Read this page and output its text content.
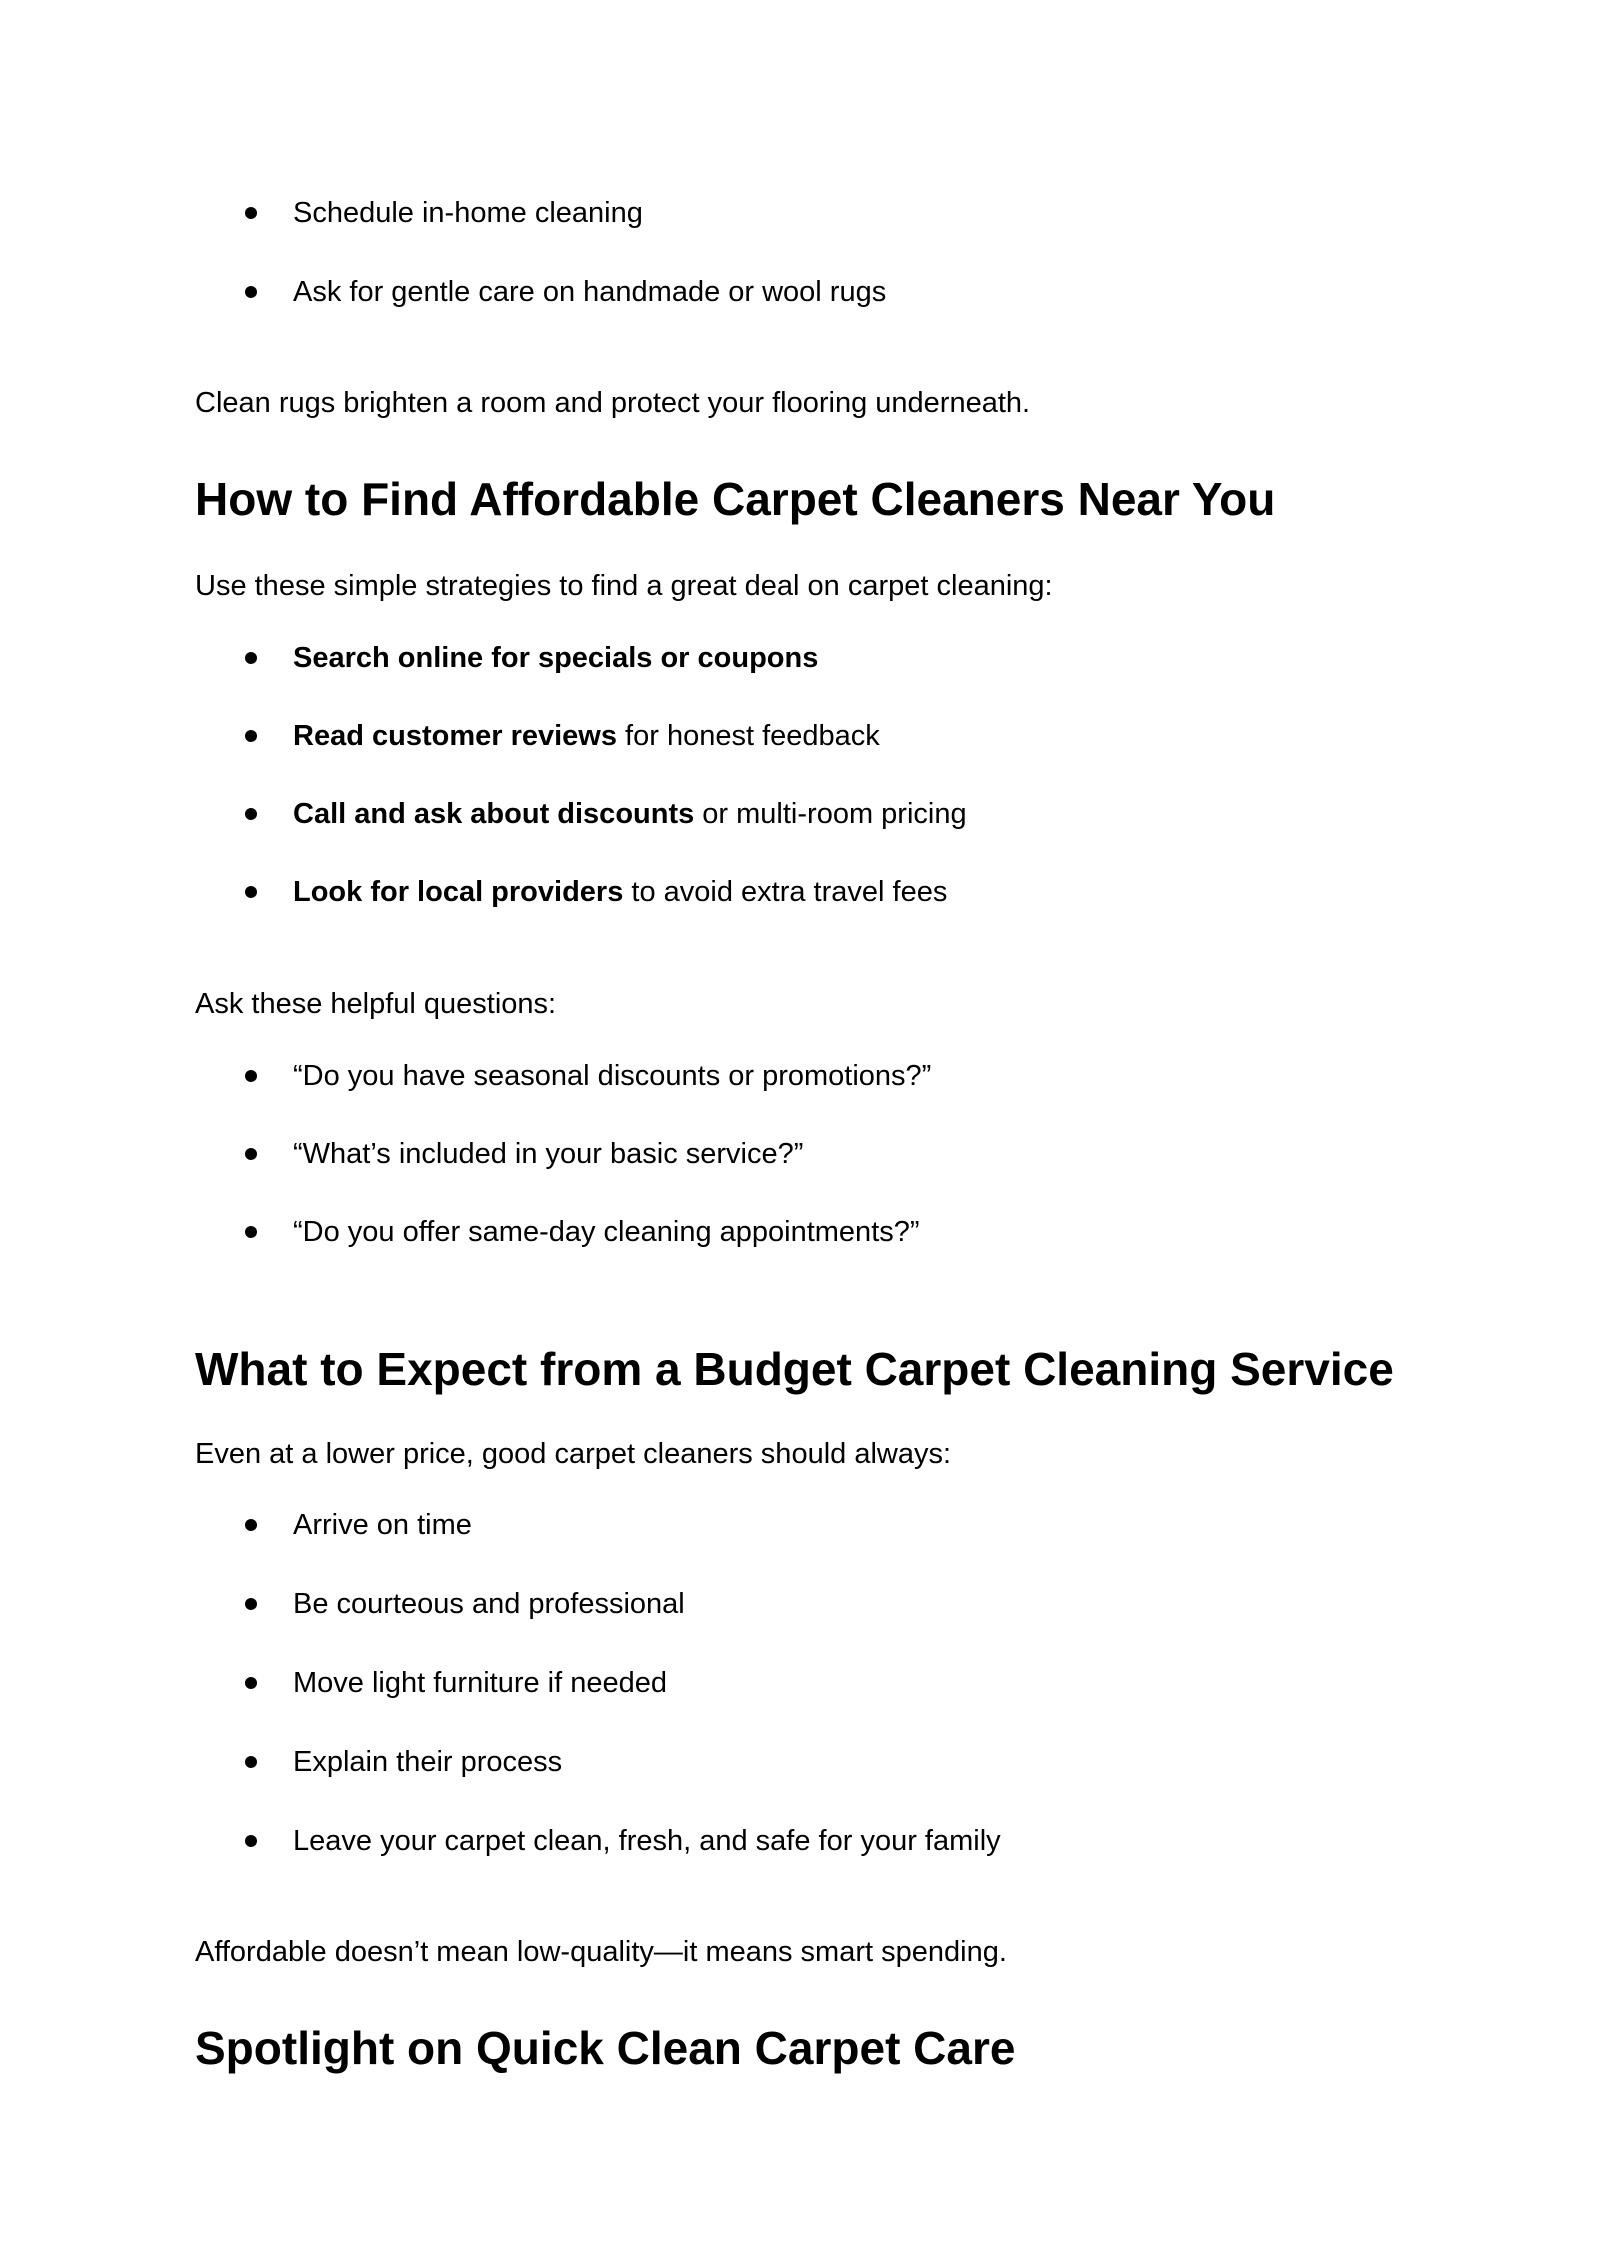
Schedule in-home cleaning
Ask for gentle care on handmade or wool rugs
Clean rugs brighten a room and protect your flooring underneath.
How to Find Affordable Carpet Cleaners Near You
Use these simple strategies to find a great deal on carpet cleaning:
Search online for specials or coupons
Read customer reviews for honest feedback
Call and ask about discounts or multi-room pricing
Look for local providers to avoid extra travel fees
Ask these helpful questions:
“Do you have seasonal discounts or promotions?”
“What’s included in your basic service?”
“Do you offer same-day cleaning appointments?”
What to Expect from a Budget Carpet Cleaning Service
Even at a lower price, good carpet cleaners should always:
Arrive on time
Be courteous and professional
Move light furniture if needed
Explain their process
Leave your carpet clean, fresh, and safe for your family
Affordable doesn’t mean low-quality—it means smart spending.
Spotlight on Quick Clean Carpet Care
